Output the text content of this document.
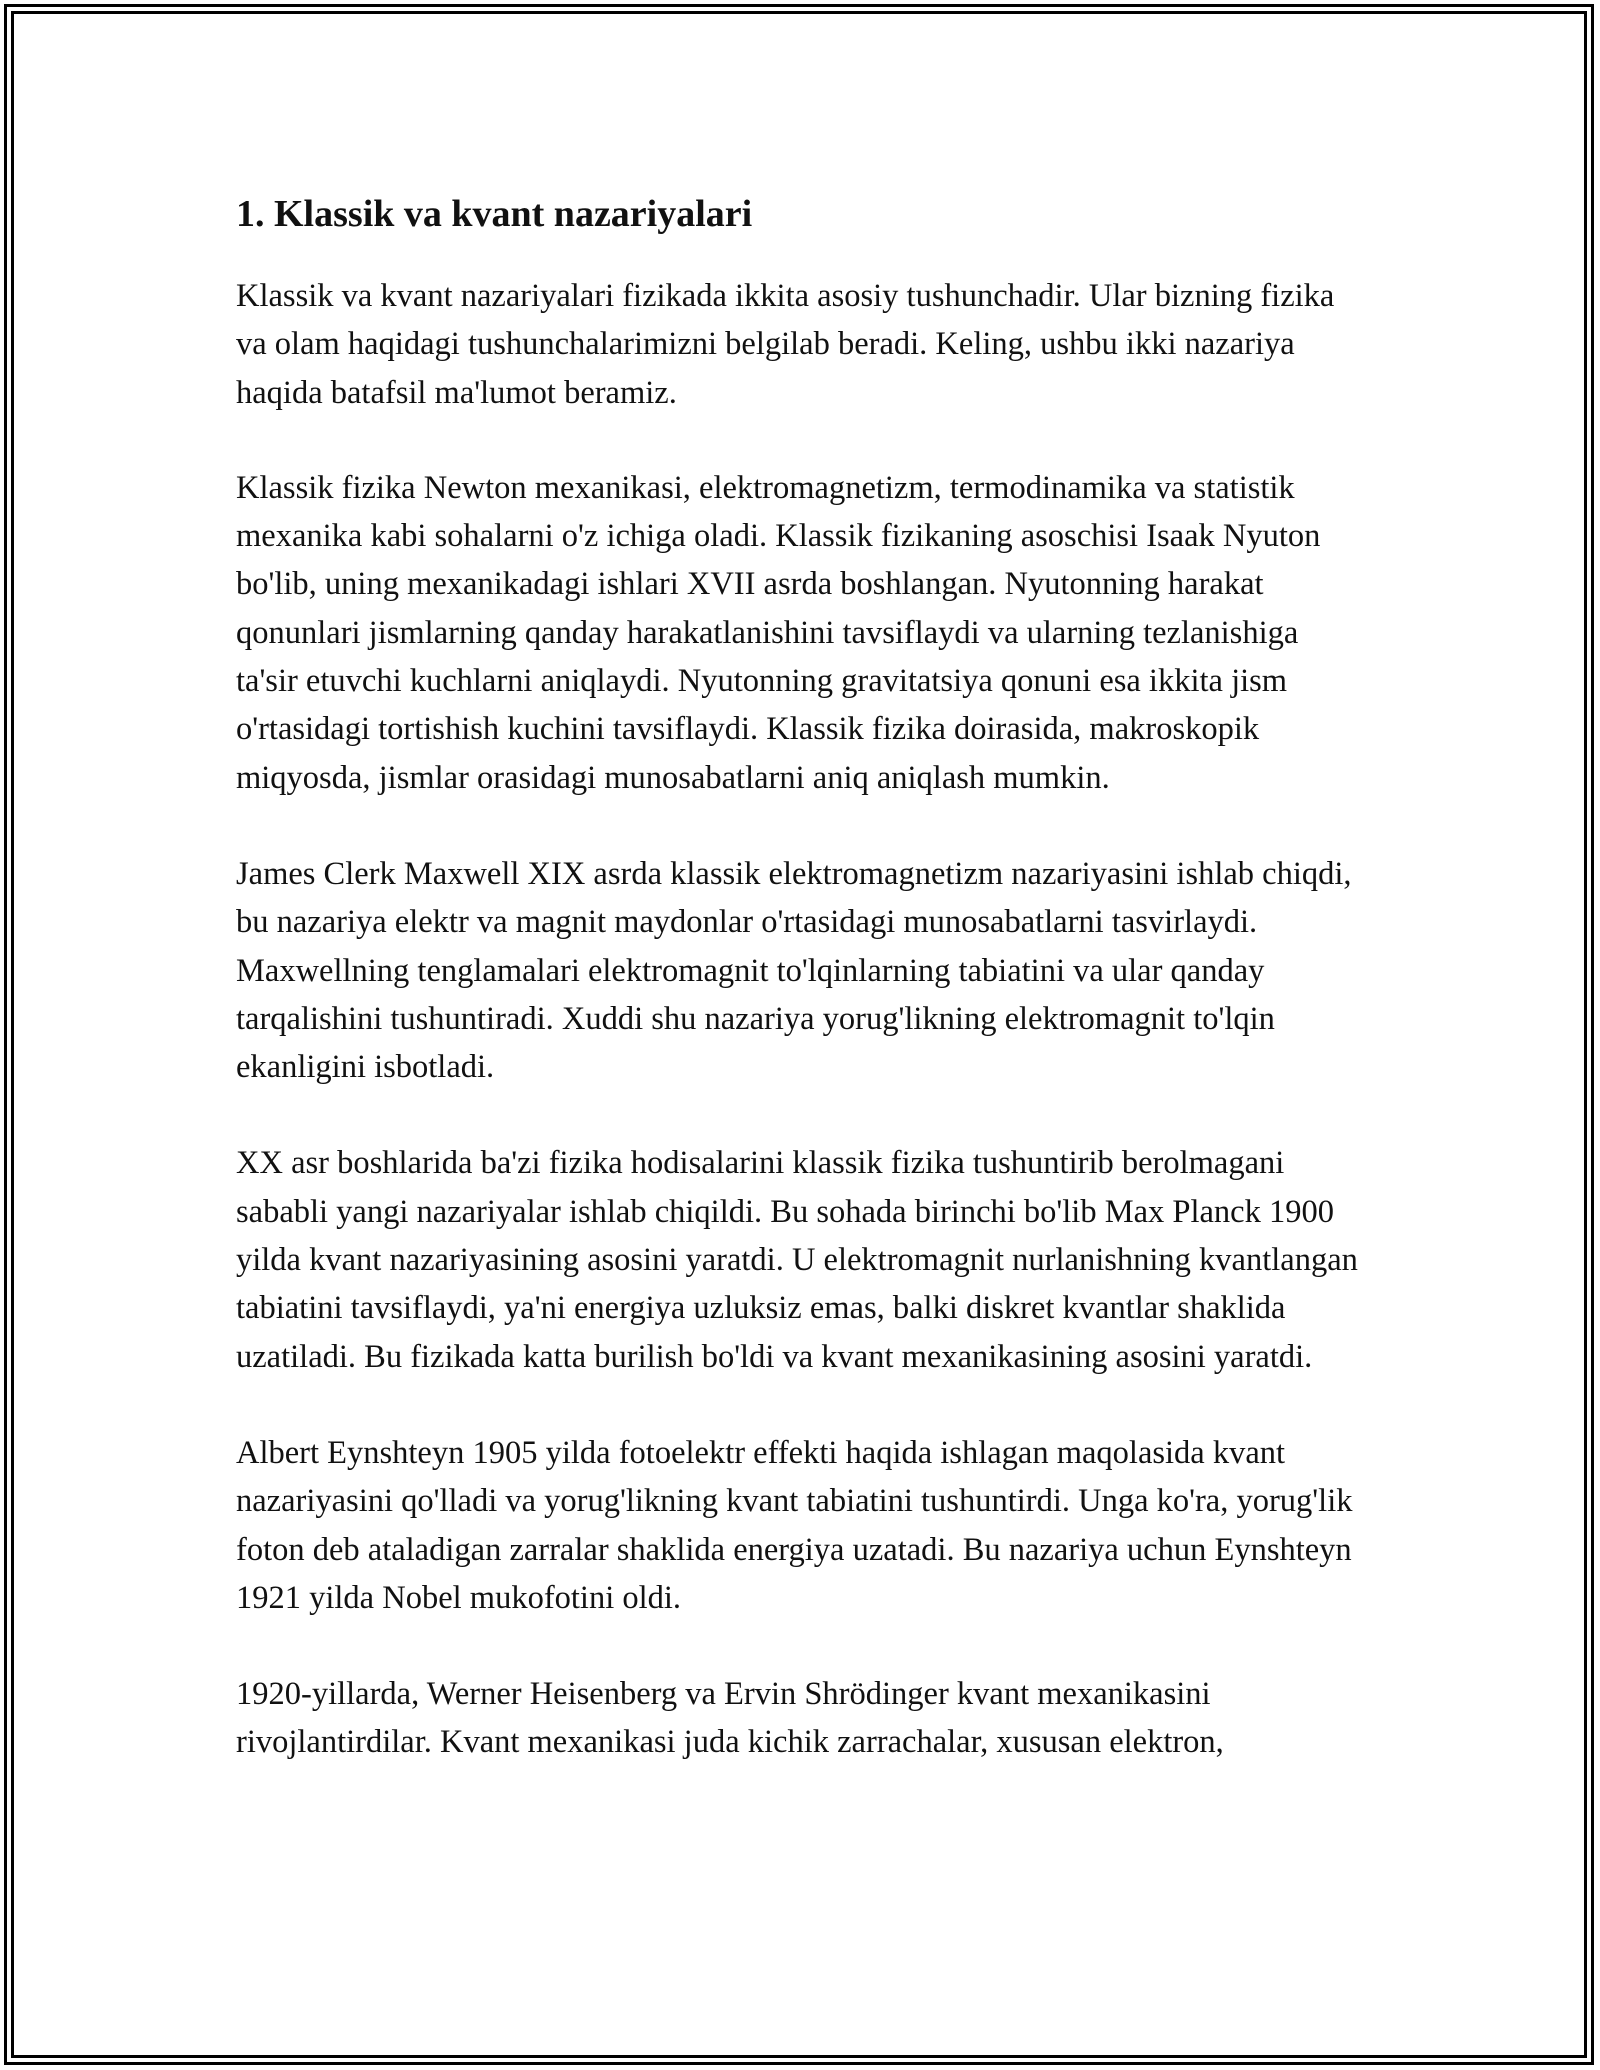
1. Klassik va kvant nazariyalari

Klassik va kvant nazariyalari fizikada ikkita asosiy tushunchadir. Ular bizning fizika va olam haqidagi tushunchalarimizni belgilab beradi. Keling, ushbu ikki nazariya haqida batafsil ma'lumot beramiz.

Klassik fizika Newton mexanikasi, elektromagnetizm, termodinamika va statistik mexanika kabi sohalarni o'z ichiga oladi. Klassik fizikaning asoschisi Isaak Nyuton bo'lib, uning mexanikadagi ishlari XVII asrda boshlangan. Nyutonning harakat qonunlari jismlarning qanday harakatlanishini tavsiflaydi va ularning tezlanishiga ta'sir etuvchi kuchlarni aniqlaydi. Nyutonning gravitatsiya qonuni esa ikkita jism o'rtasidagi tortishish kuchini tavsiflaydi. Klassik fizika doirasida, makroskopik miqyosda, jismlar orasidagi munosabatlarni aniq aniqlash mumkin.

James Clerk Maxwell XIX asrda klassik elektromagnetizm nazariyasini ishlab chiqdi, bu nazariya elektr va magnit maydonlar o'rtasidagi munosabatlarni tasvirlaydi. Maxwellning tenglamalari elektromagnit to'lqinlarning tabiatini va ular qanday tarqalishini tushuntiradi. Xuddi shu nazariya yorug'likning elektromagnit to'lqin ekanligini isbotladi.

XX asr boshlarida ba'zi fizika hodisalarini klassik fizika tushuntirib berolmagani sababli yangi nazariyalar ishlab chiqildi. Bu sohada birinchi bo'lib Max Planck 1900 yilda kvant nazariyasining asosini yaratdi. U elektromagnit nurlanishning kvantlangan tabiatini tavsiflaydi, ya'ni energiya uzluksiz emas, balki diskret kvantlar shaklida uzatiladi. Bu fizikada katta burilish bo'ldi va kvant mexanikasining asosini yaratdi.

Albert Eynshteyn 1905 yilda fotoelektr effekti haqida ishlagan maqolasida kvant nazariyasini qo'lladi va yorug'likning kvant tabiatini tushuntirdi. Unga ko'ra, yorug'lik foton deb ataladigan zarralar shaklida energiya uzatadi. Bu nazariya uchun Eynshteyn 1921 yilda Nobel mukofotini oldi.

1920-yillarda, Werner Heisenberg va Ervin Shrödinger kvant mexanikasini rivojlantirdilar. Kvant mexanikasi juda kichik zarrachalar, xususan elektron,
